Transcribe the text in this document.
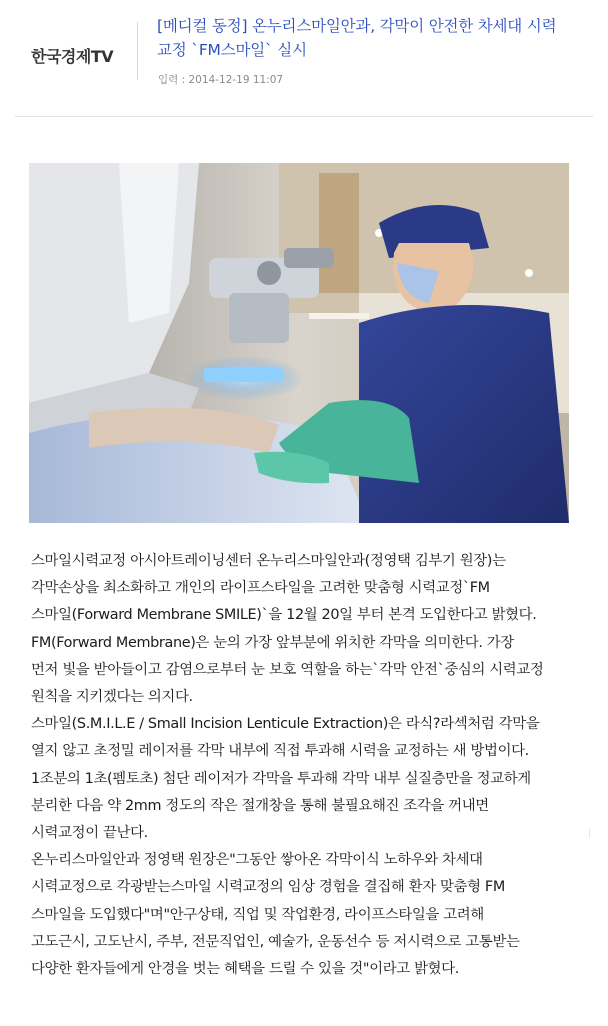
한국경제TV
[메디컬 동정] 온누리스마일안과, 각막이 안전한 차세대 시력
교정 `FM스마일` 실시
입력 : 2014-12-19 11:07
스마일시력교정 아시아트레이닝센터 온누리스마일안과(정영택 김부기 원장)는
각막손상을 최소화하고 개인의 라이프스타일을 고려한 맞춤형 시력교정`FM
스마일(Forward Membrane SMILE)`을 12월 20일 부터 본격 도입한다고 밝혔다.
FM(Forward Membrane)은 눈의 가장 앞부분에 위치한 각막을 의미한다. 가장
먼저 빛을 받아들이고 감염으로부터 눈 보호 역할을 하는`각막 안전`중심의 시력교정
원칙을 지키겠다는 의지다.
스마일(S.M.I.L.E / Small Incision Lenticule Extraction)은 라식?라섹처럼 각막을
열지 않고 초정밀 레이저를 각막 내부에 직접 투과해 시력을 교정하는 새 방법이다.
1조분의 1초(펨토초) 첨단 레이저가 각막을 투과해 각막 내부 실질층만을 정교하게
분리한 다음 약 2mm 정도의 작은 절개창을 통해 불필요해진 조각을 꺼내면
시력교정이 끝난다.
온누리스마일안과 정영택 원장은"그동안 쌓아온 각막이식 노하우와 차세대
시력교정으로 각광받는스마일 시력교정의 임상 경험을 결집해 환자 맞춤형 FM
스마일을 도입했다"며"안구상태, 직업 및 작업환경, 라이프스타일을 고려해
고도근시, 고도난시, 주부, 전문직업인, 예술가, 운동선수 등 저시력으로 고통받는
다양한 환자들에게 안경을 벗는 혜택을 드릴 수 있을 것"이라고 밝혔다.
